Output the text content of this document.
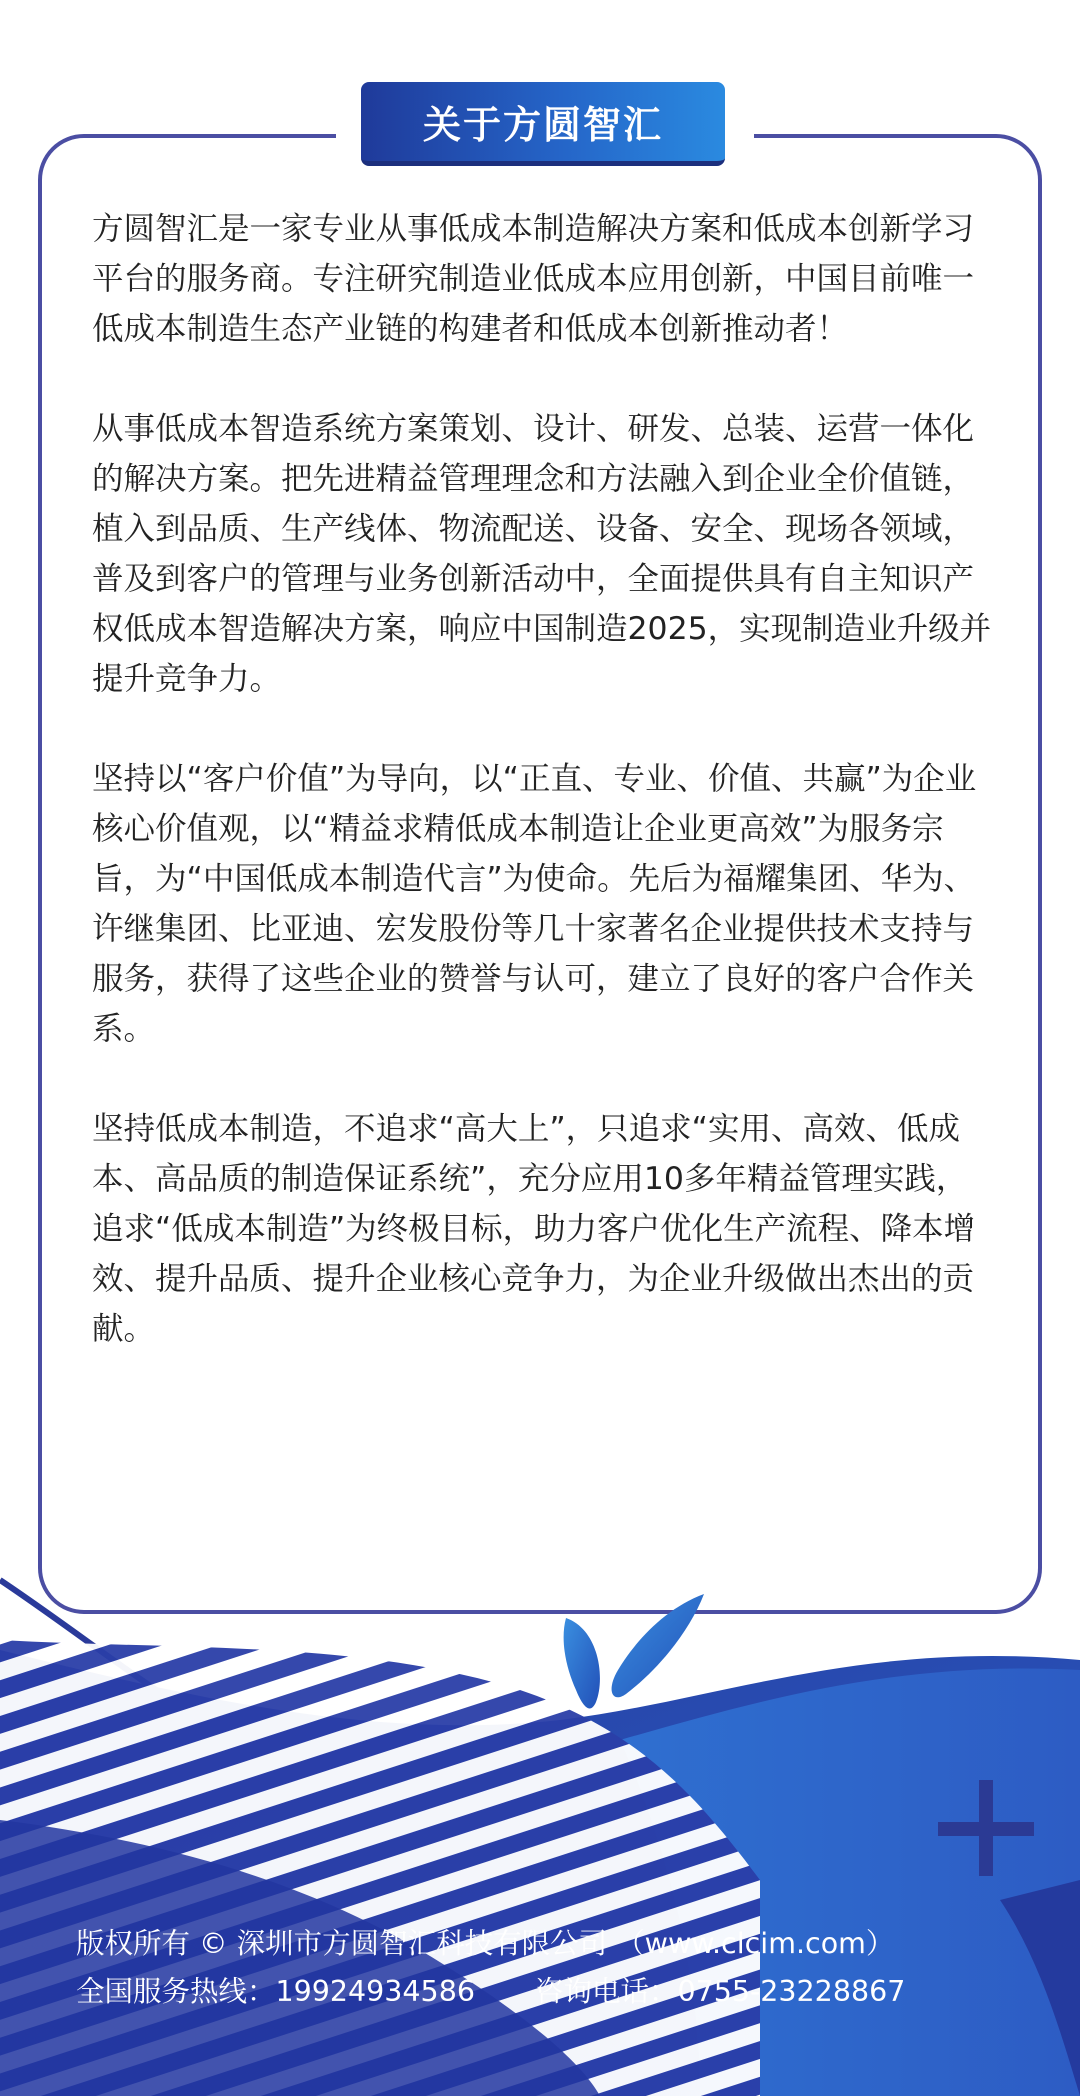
关于方圆智汇

方圆智汇是一家专业从事低成本制造解决方案和低成本创新学习平台的服务商。专注研究制造业低成本应用创新，中国目前唯一低成本制造生态产业链的构建者和低成本创新推动者！

从事低成本智造系统方案策划、设计、研发、总装、运营一体化的解决方案。把先进精益管理理念和方法融入到企业全价值链，植入到品质、生产线体、物流配送、设备、安全、现场各领域，普及到客户的管理与业务创新活动中，全面提供具有自主知识产权低成本智造解决方案，响应中国制造2025，实现制造业升级并提升竞争力。

坚持以“客户价值”为导向，以“正直、专业、价值、共赢”为企业核心价值观，以“精益求精低成本制造让企业更高效”为服务宗旨，为“中国低成本制造代言”为使命。先后为福耀集团、华为、许继集团、比亚迪、宏发股份等几十家著名企业提供技术支持与服务，获得了这些企业的赞誉与认可，建立了良好的客户合作关系。

坚持低成本制造，不追求“高大上”，只追求“实用、高效、低成本、高品质的制造保证系统”，充分应用10多年精益管理实践，追求“低成本制造”为终极目标，助力客户优化生产流程、降本增效、提升品质、提升企业核心竞争力，为企业升级做出杰出的贡献。

版权所有 © 深圳市方圆智汇科技有限公司 （www.clcim.com）
全国服务热线：19924934586 咨询电话：0755-23228867
